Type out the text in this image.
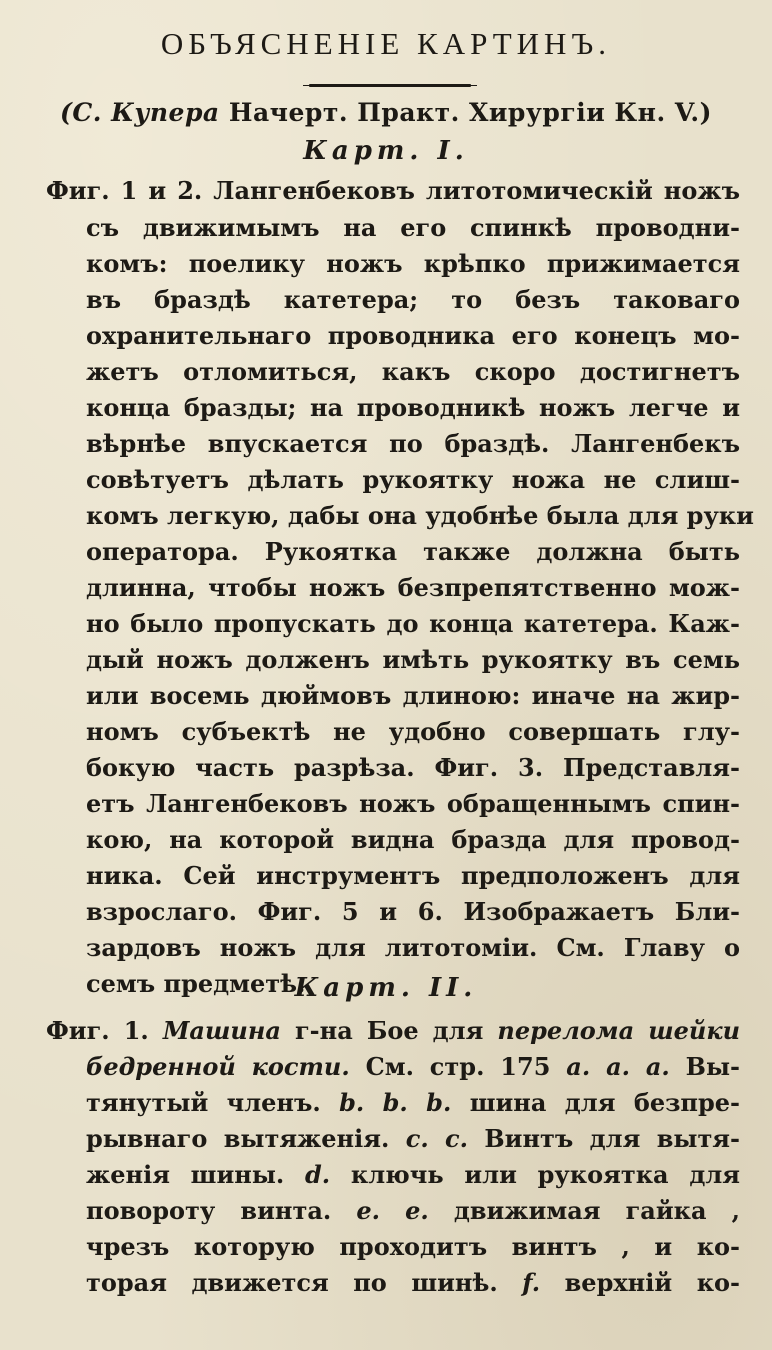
ОБЪЯСНЕНІЕ КАРТИНЪ.
(С. Купера Начерт. Практ. Хирургіи Кн. V.)
Карт. I.
Фиг. 1 и 2. Лангенбековъ литотомическій ножъ
съ движимымъ на его спинкѣ проводни-
комъ: поелику ножъ крѣпко прижимается
въ браздѣ катетера; то безъ таковаго
охранительнаго проводника его конецъ мо-
жетъ отломиться, какъ скоро достигнетъ
конца бразды; на проводникѣ ножъ легче и
вѣрнѣе впускается по браздѣ. Лангенбекъ
совѣтуетъ дѣлать рукоятку ножа не слиш-
комъ легкую, дабы она удобнѣе была для руки
оператора. Рукоятка также должна быть
длинна, чтобы ножъ безпрепятственно мож-
но было пропускать до конца катетера. Каж-
дый ножъ долженъ имѣть рукоятку въ семь
или восемь дюймовъ длиною: иначе на жир-
номъ субъектѣ не удобно совершать глу-
бокую часть разрѣза. Фиг. 3. Представля-
етъ Лангенбековъ ножъ обращеннымъ спин-
кою, на которой видна бразда для провод-
ника. Сей инструментъ предположенъ для
взрослаго. Фиг. 5 и 6. Изображаетъ Бли-
зардовъ ножъ для литотоміи. См. Главу о
семъ предметѣ.
Карт. II.
Фиг. 1. Машина г-на Бое для перелома шейки
бедренной кости. См. стр. 175 a. a. a. Вы-
тянутый членъ. b. b. b. шина для безпре-
рывнаго вытяженія. c. c. Винтъ для вытя-
женія шины. d. ключь или рукоятка для
повороту винта. e. e. движимая гайка ,
чрезъ которую проходитъ винтъ , и ко-
торая движется по шинѣ. f. верхній ко-
